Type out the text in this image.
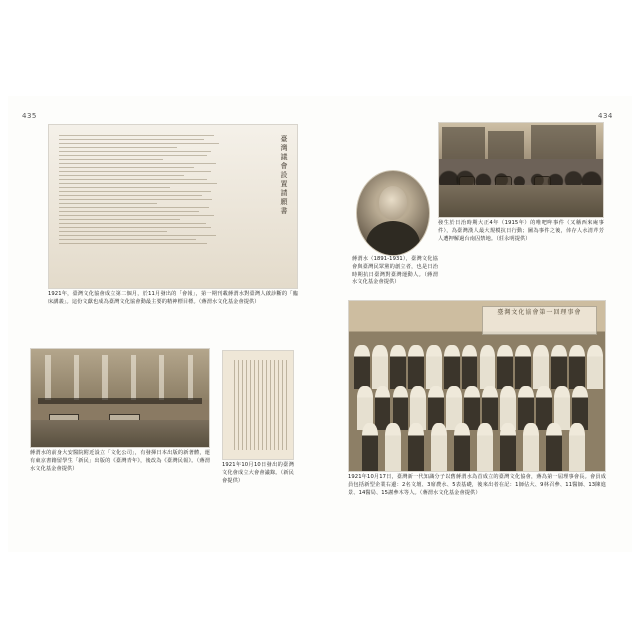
435	434
臺灣議會設置請願書
1921年，臺灣文化協會成立第二個月，於11月發出的「會報」，第一期刊載蔣渭水對臺灣人啟診斷的「臨床講義」。這份文獻也成為臺灣文化協會動最主要的精神標目標。（蔣渭水文化基金會提供）
蔣渭水的前身大安醫院附近設立「文化公司」，有發揮日本出版的新著體，運有東京書籍留學生「新民」出版的《臺灣青年》，後改為《臺灣民報》。（蔣渭水文化基金會提供）
1921年10月10日發出的臺灣文化會成立大會會議錄。（新民會提供）
發生於日治時期大正4年（1915年）的唯吧哖事件（又稱西來庵事件），為臺灣漢人最大規模抗日行動；圖為事件之後，倖存人水清芹芳人遭押解過台南囚禁地。（莊永明提供）
蔣渭水（1891-1931），臺灣文化協會與臺灣民眾黨的創立者，也是日治時期抗日臺灣對臺灣運動人。（蔣渭水文化基金會提供）
臺灣文化協會第一回理事會
1921年10月17日，臺灣新一代知識分子以舊蔣渭水為首成立的臺灣文化協會，蔣為第一屆理事會長。會員成員包括新型企業右邊：2名文壇、3席農水、5表基礎，後來出者在記：1師佔大、9林召參、11醫師、13陳進景、14醫局、15謝參木等人。（蔣渭水文化基金會提供）
